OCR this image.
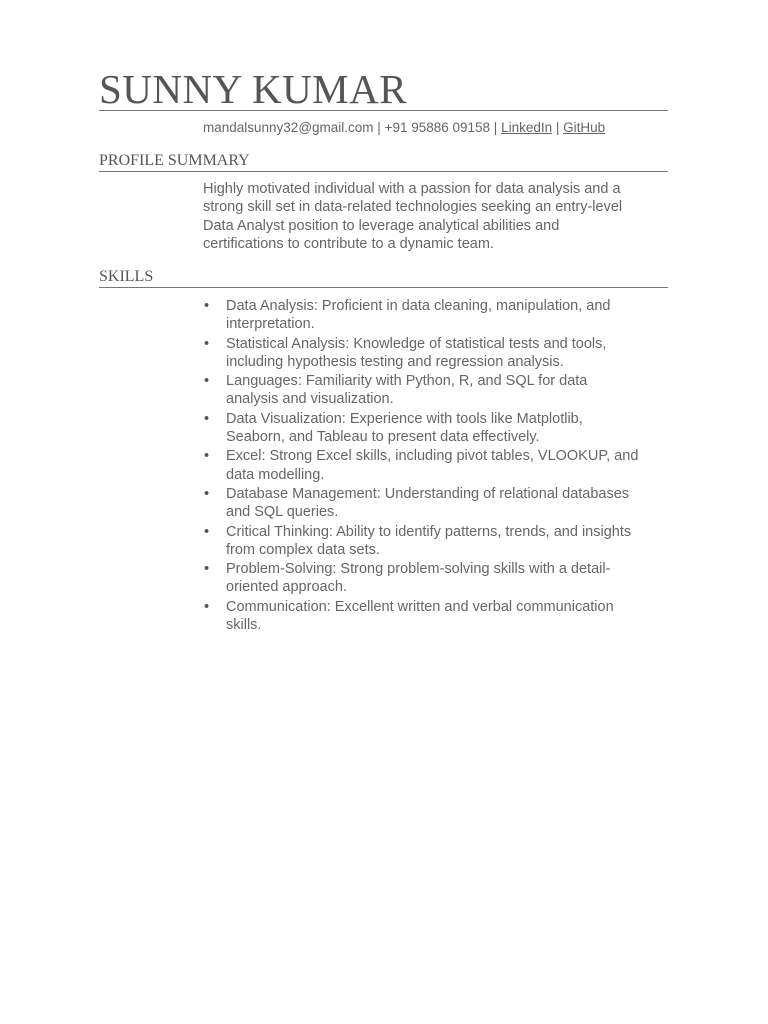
SUNNY KUMAR
mandalsunny32@gmail.com | +91 95886 09158 | LinkedIn | GitHub
PROFILE SUMMARY

Highly motivated individual with a passion for data analysis and a strong skill set in data-related technologies seeking an entry-level Data Analyst position to leverage analytical abilities and certifications to contribute to a dynamic team.

SKILLS
• Data Analysis: Proficient in data cleaning, manipulation, and interpretation.
• Statistical Analysis: Knowledge of statistical tests and tools, including hypothesis testing and regression analysis.
• Languages: Familiarity with Python, R, and SQL for data analysis and visualization.
• Data Visualization: Experience with tools like Matplotlib, Seaborn, and Tableau to present data effectively.
• Excel: Strong Excel skills, including pivot tables, VLOOKUP, and data modelling.
• Database Management: Understanding of relational databases and SQL queries.
• Critical Thinking: Ability to identify patterns, trends, and insights from complex data sets.
• Problem-Solving: Strong problem-solving skills with a detail-oriented approach.
• Communication: Excellent written and verbal communication skills.
